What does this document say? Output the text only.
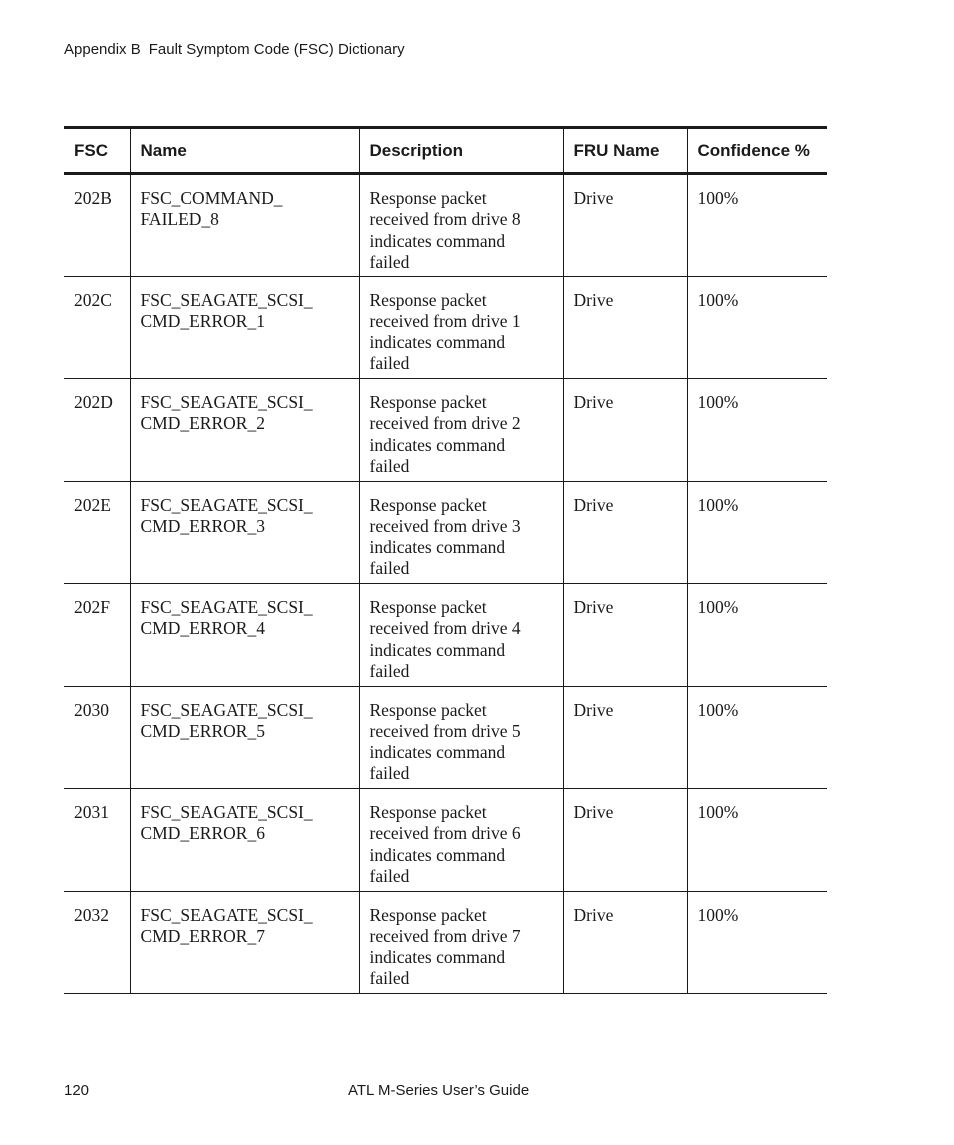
Appendix B Fault Symptom Code (FSC) Dictionary
FSC	Name	Description	FRU Name	Confidence %
202B	FSC_COMMAND_
FAILED_8	Response packet
received from drive 8
indicates command
failed	Drive	100%
202C	FSC_SEAGATE_SCSI_
CMD_ERROR_1	Response packet
received from drive 1
indicates command
failed	Drive	100%
202D	FSC_SEAGATE_SCSI_
CMD_ERROR_2	Response packet
received from drive 2
indicates command
failed	Drive	100%
202E	FSC_SEAGATE_SCSI_
CMD_ERROR_3	Response packet
received from drive 3
indicates command
failed	Drive	100%
202F	FSC_SEAGATE_SCSI_
CMD_ERROR_4	Response packet
received from drive 4
indicates command
failed	Drive	100%
2030	FSC_SEAGATE_SCSI_
CMD_ERROR_5	Response packet
received from drive 5
indicates command
failed	Drive	100%
2031	FSC_SEAGATE_SCSI_
CMD_ERROR_6	Response packet
received from drive 6
indicates command
failed	Drive	100%
2032	FSC_SEAGATE_SCSI_
CMD_ERROR_7	Response packet
received from drive 7
indicates command
failed	Drive	100%
120	ATL M-Series User’s Guide
